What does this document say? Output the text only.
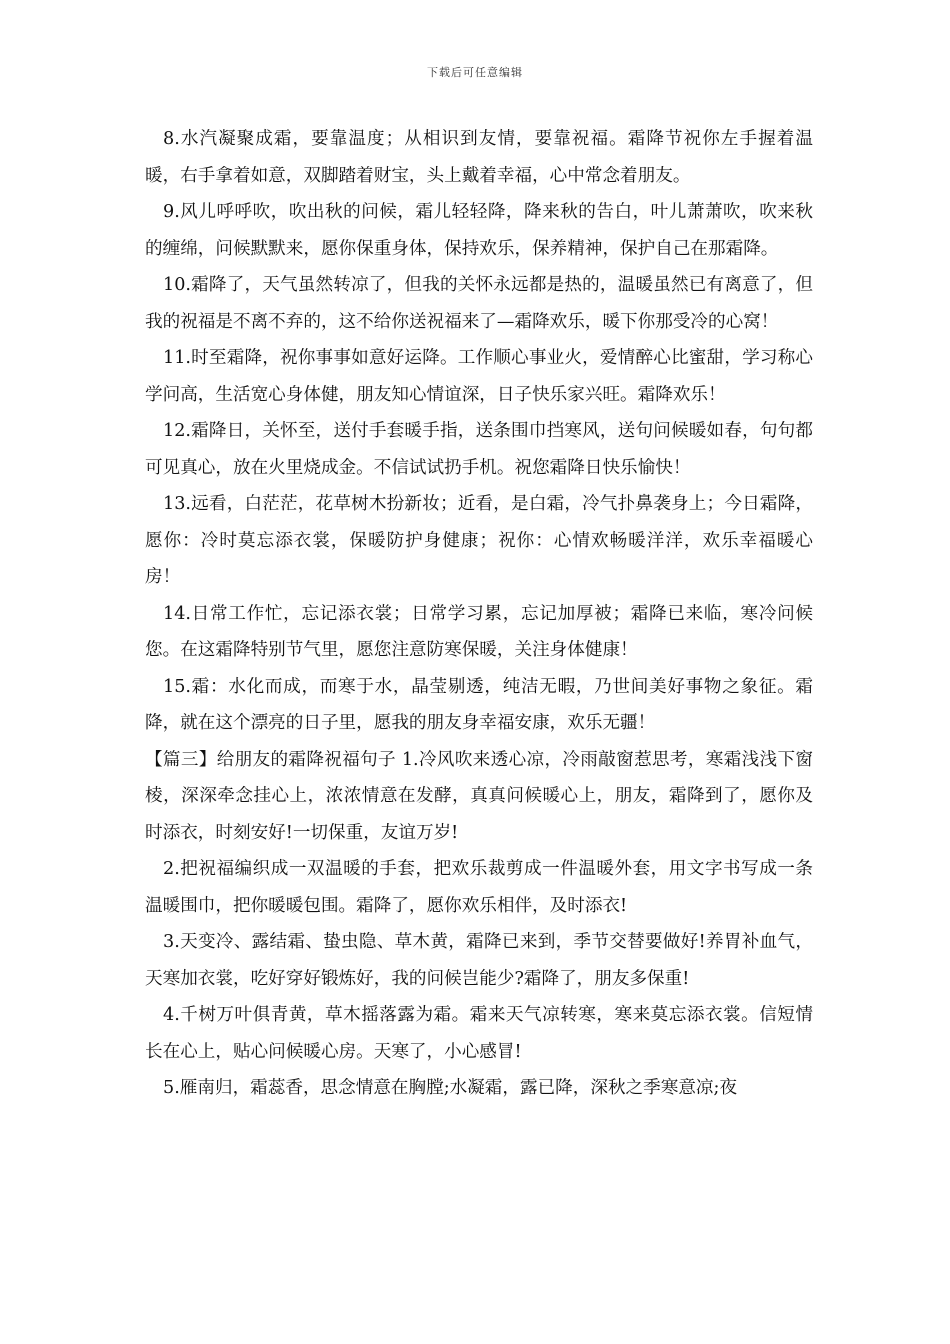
下载后可任意编辑

8.水汽凝聚成霜，要靠温度；从相识到友情，要靠祝福。霜降节祝你左手握着温暖，右手拿着如意，双脚踏着财宝，头上戴着幸福，心中常念着朋友。

9.风儿呼呼吹，吹出秋的问候，霜儿轻轻降，降来秋的告白，叶儿萧萧吹，吹来秋的缠绵，问候默默来，愿你保重身体，保持欢乐，保养精神，保护自己在那霜降。

10.霜降了，天气虽然转凉了，但我的关怀永远都是热的，温暖虽然已有离意了，但我的祝福是不离不弃的，这不给你送祝福来了—霜降欢乐，暖下你那受冷的心窝！

11.时至霜降，祝你事事如意好运降。工作顺心事业火，爱情醉心比蜜甜，学习称心学问高，生活宽心身体健，朋友知心情谊深，日子快乐家兴旺。霜降欢乐！

12.霜降日，关怀至，送付手套暖手指，送条围巾挡寒风，送句问候暖如春，句句都可见真心，放在火里烧成金。不信试试扔手机。祝您霜降日快乐愉快！

13.远看，白茫茫，花草树木扮新妆；近看，是白霜，冷气扑鼻袭身上；今日霜降，愿你：冷时莫忘添衣裳，保暖防护身健康；祝你：心情欢畅暖洋洋，欢乐幸福暖心房！

14.日常工作忙，忘记添衣裳；日常学习累，忘记加厚被；霜降已来临，寒冷问候您。在这霜降特别节气里，愿您注意防寒保暖，关注身体健康！

15.霜：水化而成，而寒于水，晶莹剔透，纯洁无暇，乃世间美好事物之象征。霜降，就在这个漂亮的日子里，愿我的朋友身幸福安康，欢乐无疆！

【篇三】给朋友的霜降祝福句子 1.冷风吹来透心凉，冷雨敲窗惹思考，寒霜浅浅下窗棱，深深牵念挂心上，浓浓情意在发酵，真真问候暖心上，朋友，霜降到了，愿你及时添衣，时刻安好!一切保重，友谊万岁!

2.把祝福编织成一双温暖的手套，把欢乐裁剪成一件温暖外套，用文字书写成一条温暖围巾，把你暖暖包围。霜降了，愿你欢乐相伴，及时添衣!

3.天变冷、露结霜、蛰虫隐、草木黄，霜降已来到，季节交替要做好!养胃补血气，天寒加衣裳，吃好穿好锻炼好，我的问候岂能少?霜降了，朋友多保重!

4.千树万叶俱青黄，草木摇落露为霜。霜来天气凉转寒，寒来莫忘添衣裳。信短情长在心上，贴心问候暖心房。天寒了，小心感冒!

5.雁南归，霜蕊香，思念情意在胸膛;水凝霜，露已降，深秋之季寒意凉;夜
